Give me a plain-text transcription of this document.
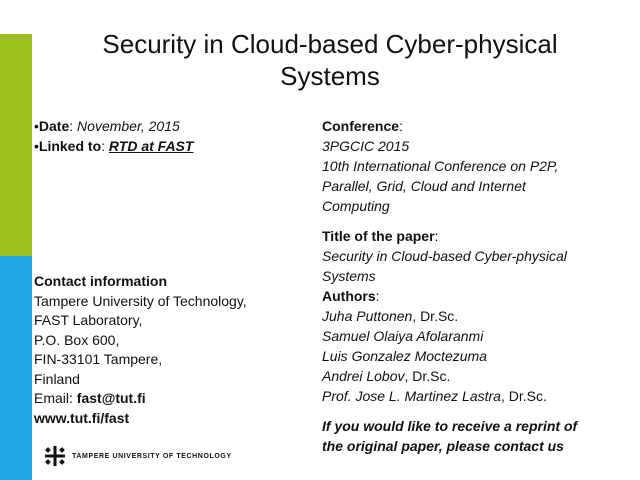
Security in Cloud-based Cyber-physical
Systems
•Date: November, 2015
•Linked to: RTD at FAST
Contact information
Tampere University of Technology,
FAST Laboratory,
P.O. Box 600,
FIN-33101 Tampere,
Finland
Email: fast@tut.fi
www.tut.fi/fast
TAMPERE UNIVERSITY OF TECHNOLOGY
Conference:
3PGCIC 2015
10th International Conference on P2P,
Parallel, Grid, Cloud and Internet
Computing
Title of the paper:
Security in Cloud-based Cyber-physical
Systems
Authors:
Juha Puttonen, Dr.Sc.
Samuel Olaiya Afolaranmi
Luis Gonzalez Moctezuma
Andrei Lobov, Dr.Sc.
Prof. Jose L. Martinez Lastra, Dr.Sc.
If you would like to receive a reprint of
the original paper, please contact us
